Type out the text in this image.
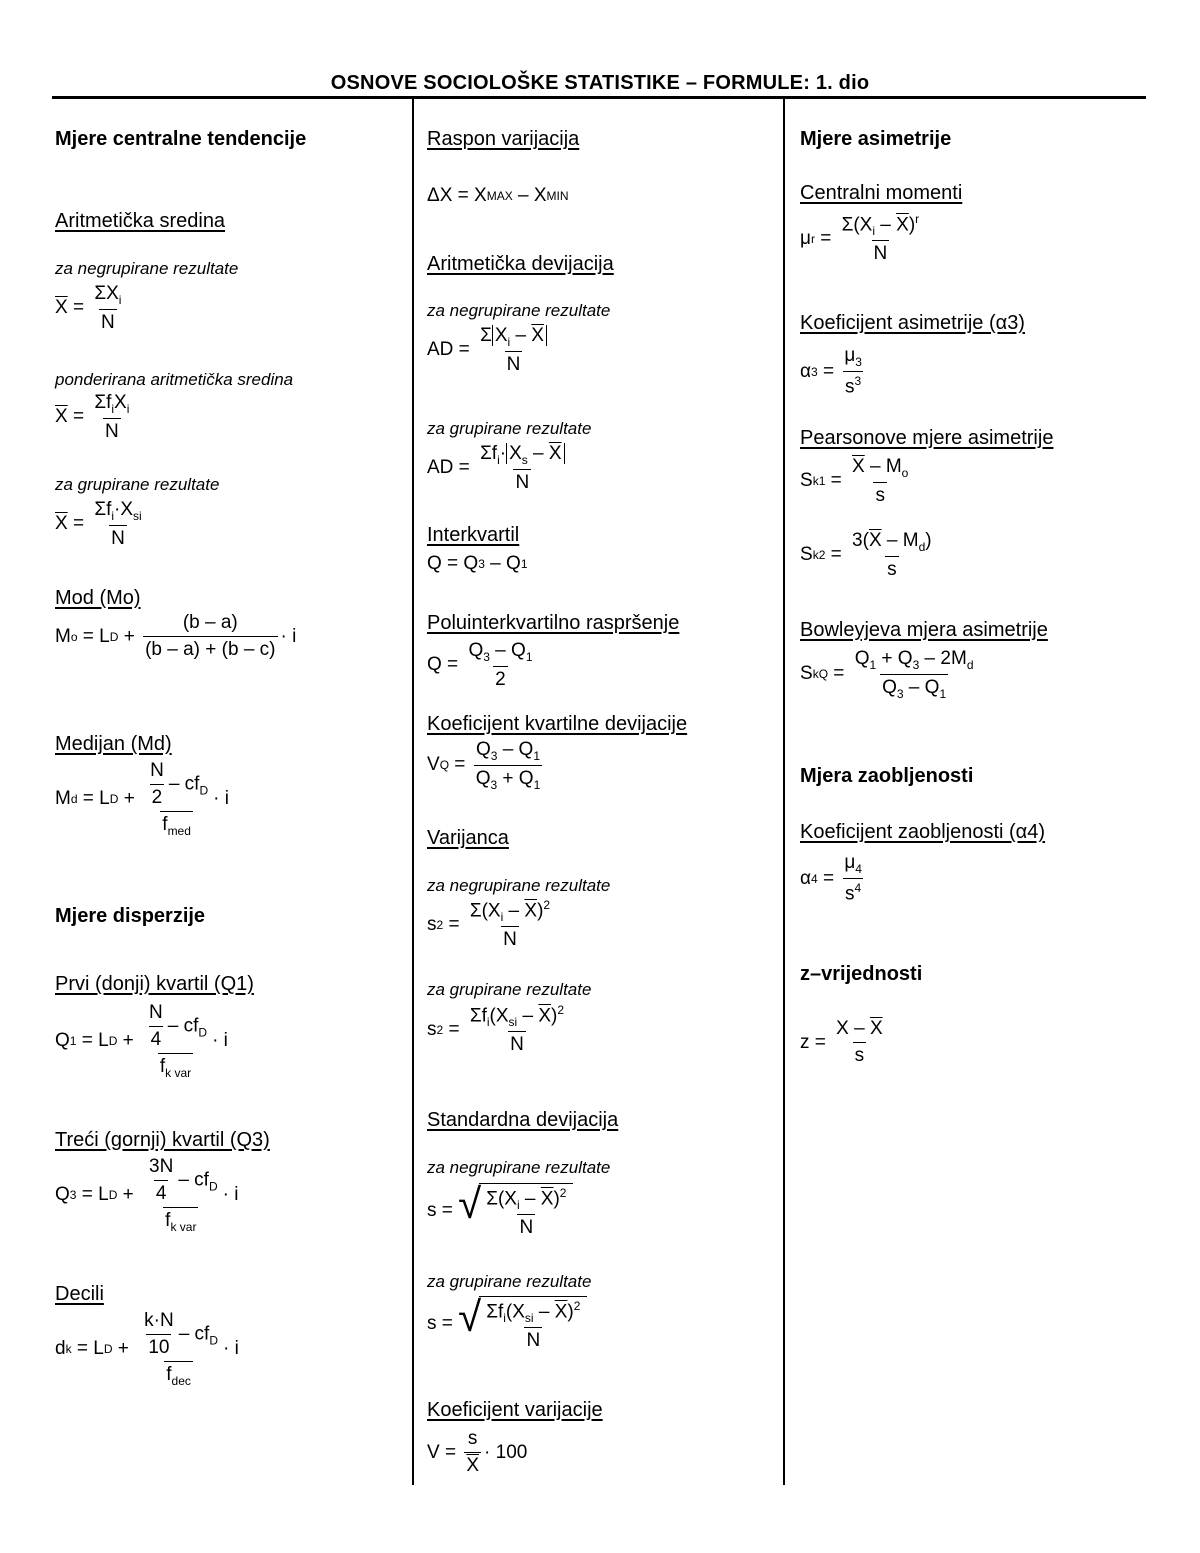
OSNOVE SOCIOLOŠKE STATISTIKE – FORMULE: 1. dio
Mjere centralne tendencije
Aritmetička sredina
za negrupirane rezultate
$\overline{X}$ =
$\Sigma X_i$
N
ponderirana aritmetička sredina
$\overline{X}$ =
$\Sigma f_iX_i$
N
za grupirane rezultate
$\overline{X}$ =
$\Sigma f_i\cdot X_{si}$
N
Mod (Mo)
M o = L D +
(b – a)
(b – a) + (b – c)
· i
Medijan (Md)
M d = L $D + \frac{N}{2} - cf_D$
$f_{med}$
· i
Mjere disperzije
Prvi (donji) kvartil (Q1)
Q 1 = L $D + \frac{N}{4} - cf_D$
$f_{k var}$
· i
Treći (gornji) kvartil (Q3)
Q 3 = L $D + \frac{3N}{4} - cf_D$
$f_{k var}$
· i
Decili
d k = L $D + \frac{k\cdot N}{10} - cf_D$
$f_{dec}$
· i
Raspon varijacija
ΔX = X MAX – X MIN
Aritmetička devijacija
za negrupirane rezultate
AD =
Σ $X_i - \overline{X}$
N
za grupirane rezultate
AD =
$\Sigma f_i\cdot X_s - \overline{X}$
N
Interkvartil
Q = Q 3 – Q 1
Poluinterkvartilno raspršenje
Q =
$Q_3 - Q_1$
2
Koeficijent kvartilne devijacije
V Q =
$Q_3 - Q_1$
$Q_3 + Q_1$
Varijanca
za negrupirane rezultate
s 2 =
$\Sigma(X_i - \overline{X})^2$
N
za grupirane rezultate
s 2 =
$\Sigma f_i(X_{si} - \overline{X})^2$
N
Standardna devijacija
za negrupirane rezultate
s = √ $\frac{\Sigma(X_i - \overline{X})^2}{N}$
za grupirane rezultate
s = √ $\Sigma f_i(X_{si} - \overline{X})^2$
N
Koeficijent varijacije
V =
s
$\overline{X}$
· 100
Mjere asimetrije
Centralni momenti
μ r =
$\Sigma(X_i - \overline{X})^r$
N
Koeficijent asimetrije (α3)
α 3 =
$\mu_3$
$s^3$
Pearsonove mjere asimetrije
S k1 =
$\overline{X} - M_o$
s
S k2 =
$3(\overline{X} - M_d)$
s
Bowleyjeva mjera asimetrije
S kQ =
$Q_1 + Q_3 - 2M_d$
$Q_3 - Q_1$
Mjera zaobljenosti
Koeficijent zaobljenosti (α4)
α 4 =
$\mu_4$
$s^4$
z–vrijednosti
z =
X – $\overline{X}$
s
